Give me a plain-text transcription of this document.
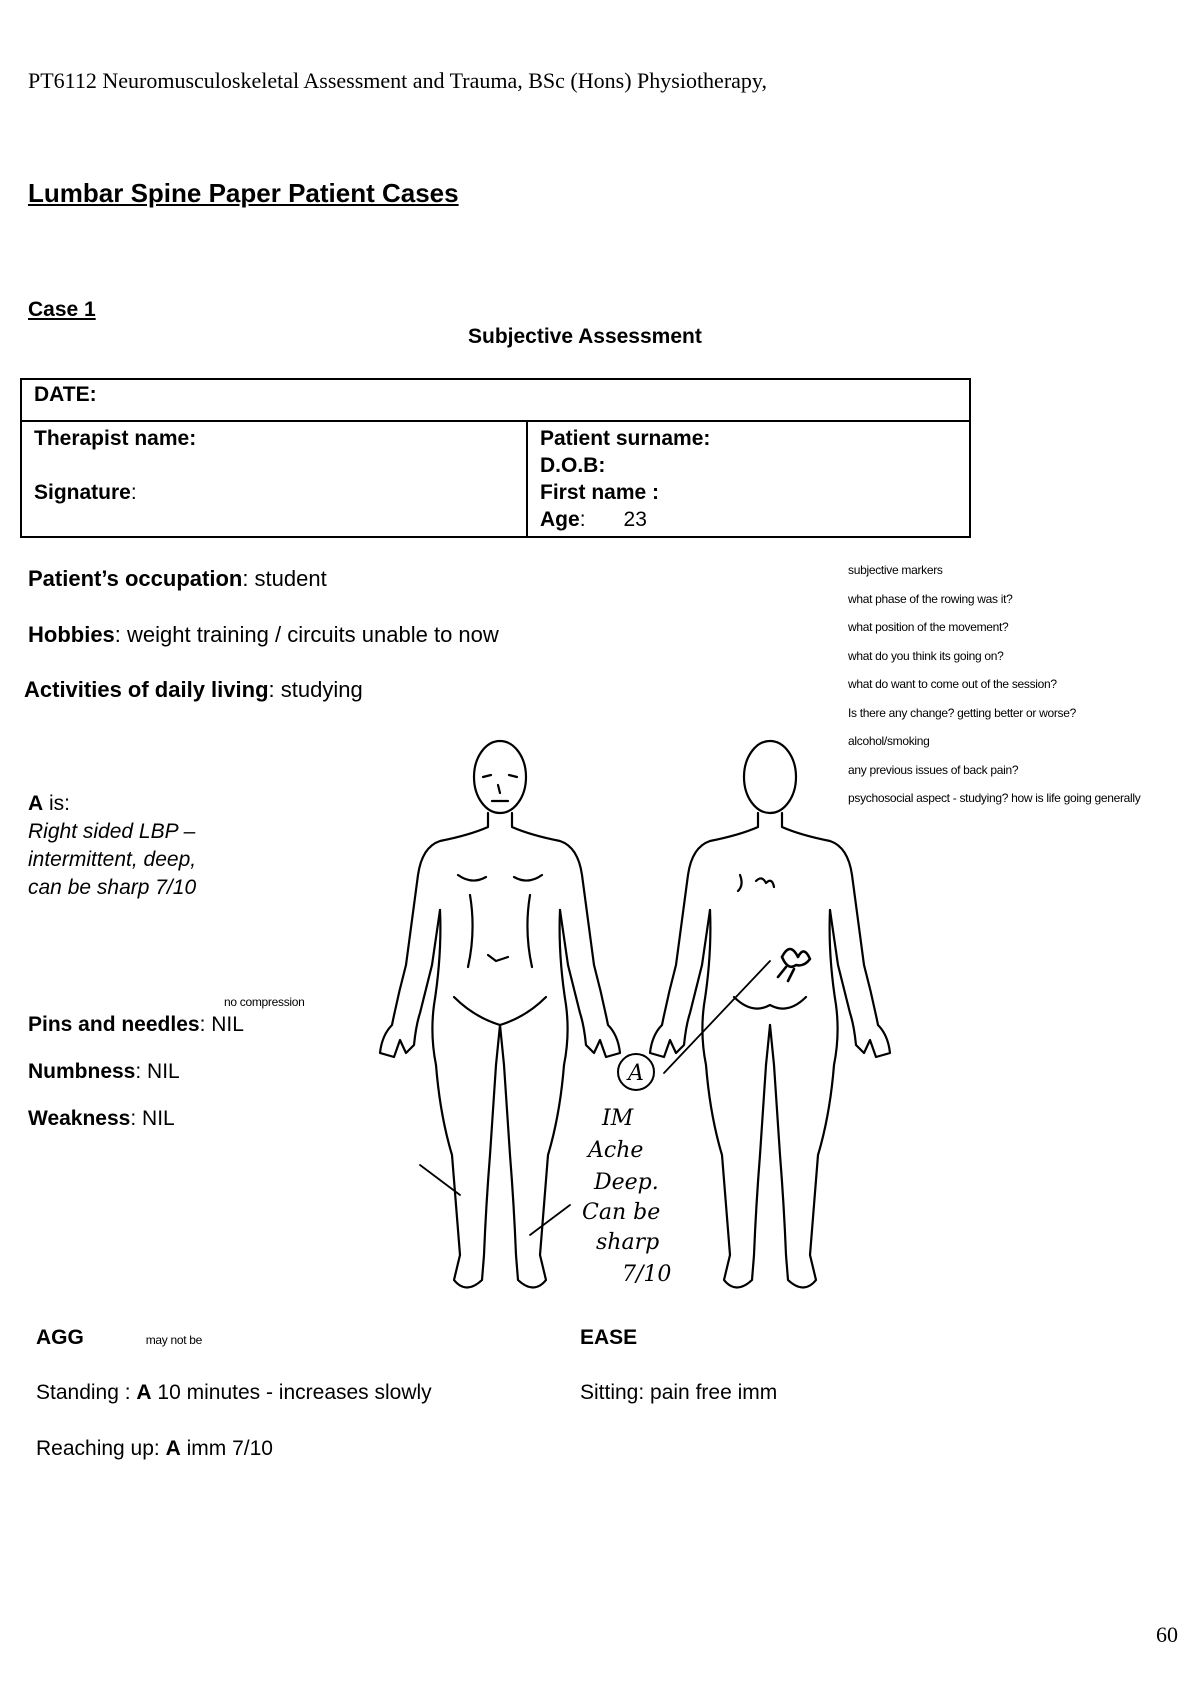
PT6112 Neuromusculoskeletal Assessment and Trauma, BSc (Hons) Physiotherapy,
Lumbar Spine Paper Patient Cases
Case 1
Subjective Assessment
DATE:

Therapist name:

Signature:

Patient surname:
D.O.B:
First name :
Age: 23
Patient’s occupation: student
Hobbies: weight training / circuits unable to now
Activities of daily living: studying
subjective markers
what phase of the rowing was it?
what position of the movement?
what do you think its going on?
what do want to come out of the session?
Is there any change? getting better or worse?
alcohol/smoking
any previous issues of back pain?
psychosocial aspect - studying? how is life going generally
A is:
Right sided LBP –
intermittent, deep,
can be sharp 7/10
no compression
Pins and needles: NIL
Numbness: NIL
Weakness: NIL
A
IM
Ache
Deep.
Can be
sharp
7/10
AGG	may not be
Standing : A 10 minutes - increases slowly
Reaching up: A imm 7/10
EASE
Sitting: pain free imm
60
